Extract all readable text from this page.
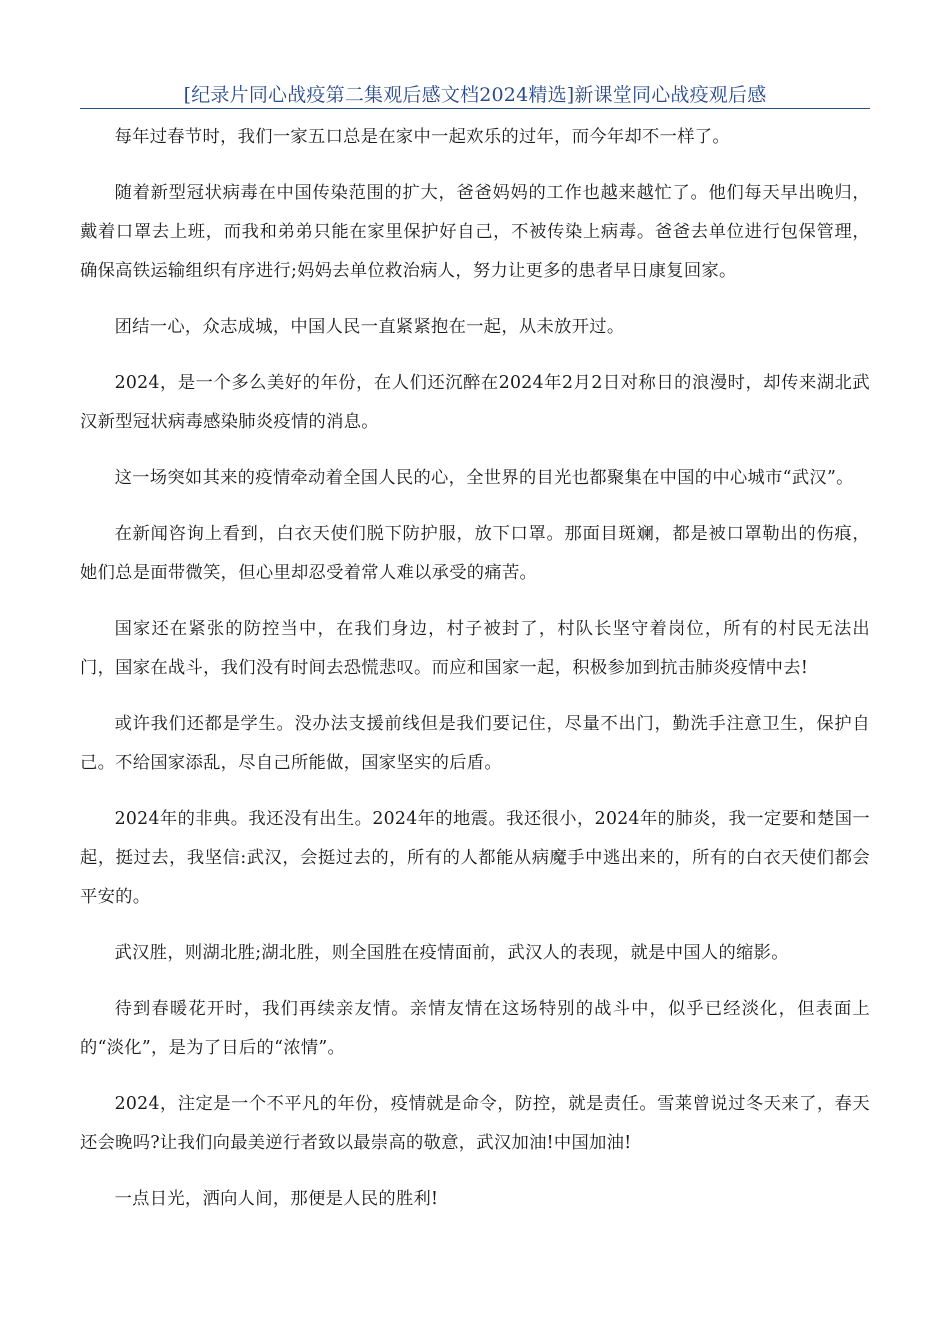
[纪录片同心战疫第二集观后感文档2024精选]新课堂同心战疫观后感

每年过春节时，我们一家五口总是在家中一起欢乐的过年，而今年却不一样了。

随着新型冠状病毒在中国传染范围的扩大，爸爸妈妈的工作也越来越忙了。他们每天早出晚归，戴着口罩去上班，而我和弟弟只能在家里保护好自己，不被传染上病毒。爸爸去单位进行包保管理，确保高铁运输组织有序进行;妈妈去单位救治病人，努力让更多的患者早日康复回家。

团结一心，众志成城，中国人民一直紧紧抱在一起，从未放开过。

2024，是一个多么美好的年份，在人们还沉醉在2024年2月2日对称日的浪漫时，却传来湖北武汉新型冠状病毒感染肺炎疫情的消息。

这一场突如其来的疫情牵动着全国人民的心，全世界的目光也都聚集在中国的中心城市“武汉”。

在新闻咨询上看到，白衣天使们脱下防护服，放下口罩。那面目斑斓，都是被口罩勒出的伤痕，她们总是面带微笑，但心里却忍受着常人难以承受的痛苦。

国家还在紧张的防控当中，在我们身边，村子被封了，村队长坚守着岗位，所有的村民无法出门，国家在战斗，我们没有时间去恐慌悲叹。而应和国家一起，积极参加到抗击肺炎疫情中去!

或许我们还都是学生。没办法支援前线但是我们要记住，尽量不出门，勤洗手注意卫生，保护自己。不给国家添乱，尽自己所能做，国家坚实的后盾。

2024年的非典。我还没有出生。2024年的地震。我还很小，2024年的肺炎，我一定要和楚国一起，挺过去，我坚信:武汉，会挺过去的，所有的人都能从病魔手中逃出来的，所有的白衣天使们都会平安的。

武汉胜，则湖北胜;湖北胜，则全国胜在疫情面前，武汉人的表现，就是中国人的缩影。

待到春暖花开时，我们再续亲友情。亲情友情在这场特别的战斗中，似乎已经淡化，但表面上的“淡化”，是为了日后的“浓情”。

2024，注定是一个不平凡的年份，疫情就是命令，防控，就是责任。雪莱曾说过冬天来了，春天还会晚吗?让我们向最美逆行者致以最崇高的敬意，武汉加油!中国加油!

一点日光，洒向人间，那便是人民的胜利!
